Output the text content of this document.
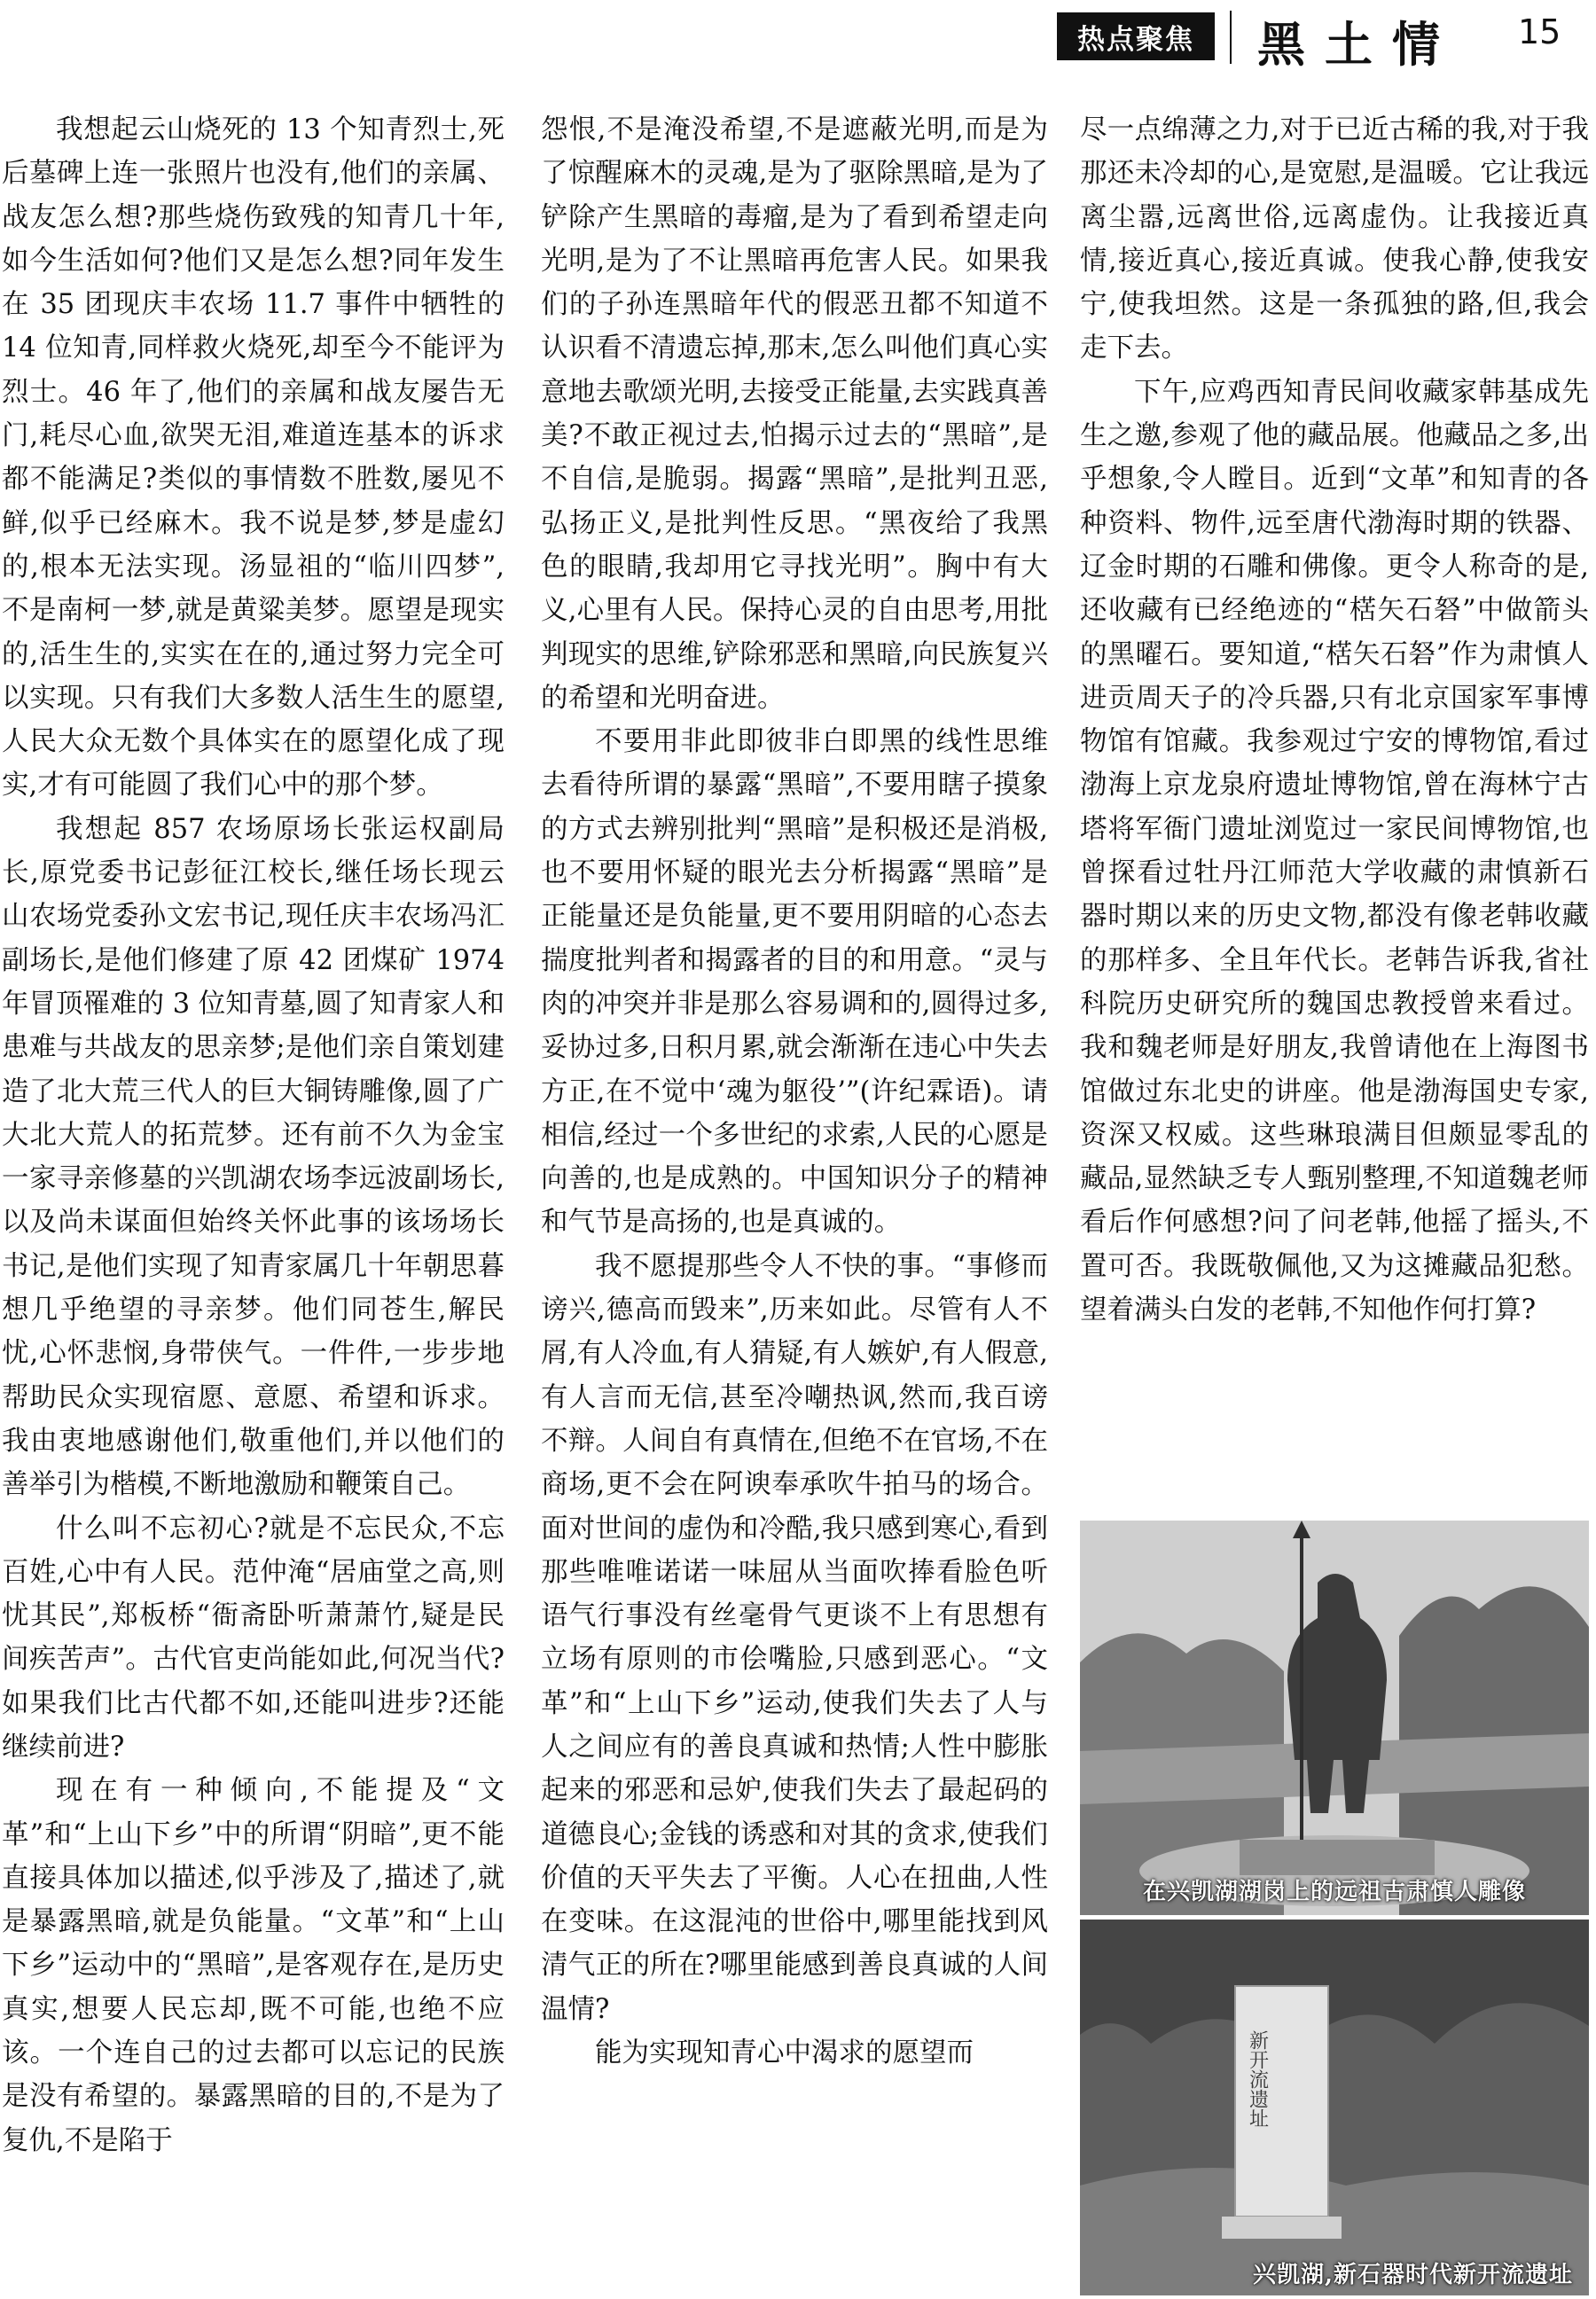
热点聚焦	黑土情 15

我想起云山烧死的 13 个知青烈士,死后墓碑上连一张照片也没有,他们的亲属、战友怎么想?那些烧伤致残的知青几十年,如今生活如何?他们又是怎么想?同年发生在 35 团现庆丰农场 11.7 事件中牺牲的 14 位知青,同样救火烧死,却至今不能评为烈士。46 年了,他们的亲属和战友屡告无门,耗尽心血,欲哭无泪,难道连基本的诉求都不能满足?类似的事情数不胜数,屡见不鲜,似乎已经麻木。我不说是梦,梦是虚幻的,根本无法实现。汤显祖的“临川四梦”,不是南柯一梦,就是黄粱美梦。愿望是现实的,活生生的,实实在在的,通过努力完全可以实现。只有我们大多数人活生生的愿望,人民大众无数个具体实在的愿望化成了现实,才有可能圆了我们心中的那个梦。

我想起 857 农场原场长张运权副局长,原党委书记彭征江校长,继任场长现云山农场党委孙文宏书记,现任庆丰农场冯汇副场长,是他们修建了原 42 团煤矿 1974 年冒顶罹难的 3 位知青墓,圆了知青家人和患难与共战友的思亲梦;是他们亲自策划建造了北大荒三代人的巨大铜铸雕像,圆了广大北大荒人的拓荒梦。还有前不久为金宝一家寻亲修墓的兴凯湖农场李远波副场长,以及尚未谋面但始终关怀此事的该场场长书记,是他们实现了知青家属几十年朝思暮想几乎绝望的寻亲梦。他们同苍生,解民忧,心怀悲悯,身带侠气。一件件,一步步地帮助民众实现宿愿、意愿、希望和诉求。我由衷地感谢他们,敬重他们,并以他们的善举引为楷模,不断地激励和鞭策自己。

什么叫不忘初心?就是不忘民众,不忘百姓,心中有人民。范仲淹“居庙堂之高,则忧其民”,郑板桥“衙斋卧听萧萧竹,疑是民间疾苦声”。古代官吏尚能如此,何况当代?如果我们比古代都不如,还能叫进步?还能继续前进?

现在有一种倾向,不能提及“文革”和“上山下乡”中的所谓“阴暗”,更不能直接具体加以描述,似乎涉及了,描述了,就是暴露黑暗,就是负能量。“文革”和“上山下乡”运动中的“黑暗”,是客观存在,是历史真实,想要人民忘却,既不可能,也绝不应该。一个连自己的过去都可以忘记的民族是没有希望的。暴露黑暗的目的,不是为了复仇,不是陷于

怨恨,不是淹没希望,不是遮蔽光明,而是为了惊醒麻木的灵魂,是为了驱除黑暗,是为了铲除产生黑暗的毒瘤,是为了看到希望走向光明,是为了不让黑暗再危害人民。如果我们的子孙连黑暗年代的假恶丑都不知道不认识看不清遗忘掉,那末,怎么叫他们真心实意地去歌颂光明,去接受正能量,去实践真善美?不敢正视过去,怕揭示过去的“黑暗”,是不自信,是脆弱。揭露“黑暗”,是批判丑恶,弘扬正义,是批判性反思。“黑夜给了我黑色的眼睛,我却用它寻找光明”。胸中有大义,心里有人民。保持心灵的自由思考,用批判现实的思维,铲除邪恶和黑暗,向民族复兴的希望和光明奋进。

不要用非此即彼非白即黑的线性思维去看待所谓的暴露“黑暗”,不要用瞎子摸象的方式去辨别批判“黑暗”是积极还是消极,也不要用怀疑的眼光去分析揭露“黑暗”是正能量还是负能量,更不要用阴暗的心态去揣度批判者和揭露者的目的和用意。“灵与肉的冲突并非是那么容易调和的,圆得过多,妥协过多,日积月累,就会渐渐在违心中失去方正,在不觉中‘魂为躯役’”(许纪霖语)。请相信,经过一个多世纪的求索,人民的心愿是向善的,也是成熟的。中国知识分子的精神和气节是高扬的,也是真诚的。

我不愿提那些令人不快的事。“事修而谤兴,德高而毁来”,历来如此。尽管有人不屑,有人冷血,有人猜疑,有人嫉妒,有人假意,有人言而无信,甚至冷嘲热讽,然而,我百谤不辩。人间自有真情在,但绝不在官场,不在商场,更不会在阿谀奉承吹牛拍马的场合。面对世间的虚伪和冷酷,我只感到寒心,看到那些唯唯诺诺一味屈从当面吹捧看脸色听语气行事没有丝毫骨气更谈不上有思想有立场有原则的市侩嘴脸,只感到恶心。“文革”和“上山下乡”运动,使我们失去了人与人之间应有的善良真诚和热情;人性中膨胀起来的邪恶和忌妒,使我们失去了最起码的道德良心;金钱的诱惑和对其的贪求,使我们价值的天平失去了平衡。人心在扭曲,人性在变味。在这混沌的世俗中,哪里能找到风清气正的所在?哪里能感到善良真诚的人间温情?

能为实现知青心中渴求的愿望而

尽一点绵薄之力,对于已近古稀的我,对于我那还未冷却的心,是宽慰,是温暖。它让我远离尘嚣,远离世俗,远离虚伪。让我接近真情,接近真心,接近真诚。使我心静,使我安宁,使我坦然。这是一条孤独的路,但,我会走下去。

下午,应鸡西知青民间收藏家韩基成先生之邀,参观了他的藏品展。他藏品之多,出乎想象,令人瞠目。近到“文革”和知青的各种资料、物件,远至唐代渤海时期的铁器、辽金时期的石雕和佛像。更令人称奇的是,还收藏有已经绝迹的“楛矢石砮”中做箭头的黑曜石。要知道,“楛矢石砮”作为肃慎人进贡周天子的冷兵器,只有北京国家军事博物馆有馆藏。我参观过宁安的博物馆,看过渤海上京龙泉府遗址博物馆,曾在海林宁古塔将军衙门遗址浏览过一家民间博物馆,也曾探看过牡丹江师范大学收藏的肃慎新石器时期以来的历史文物,都没有像老韩收藏的那样多、全且年代长。老韩告诉我,省社科院历史研究所的魏国忠教授曾来看过。我和魏老师是好朋友,我曾请他在上海图书馆做过东北史的讲座。他是渤海国史专家,资深又权威。这些琳琅满目但颇显零乱的藏品,显然缺乏专人甄别整理,不知道魏老师看后作何感想?问了问老韩,他摇了摇头,不置可否。我既敬佩他,又为这摊藏品犯愁。望着满头白发的老韩,不知他作何打算?

在兴凯湖湖岗上的远祖古肃慎人雕像
新开流遗址
兴凯湖,新石器时代新开流遗址
